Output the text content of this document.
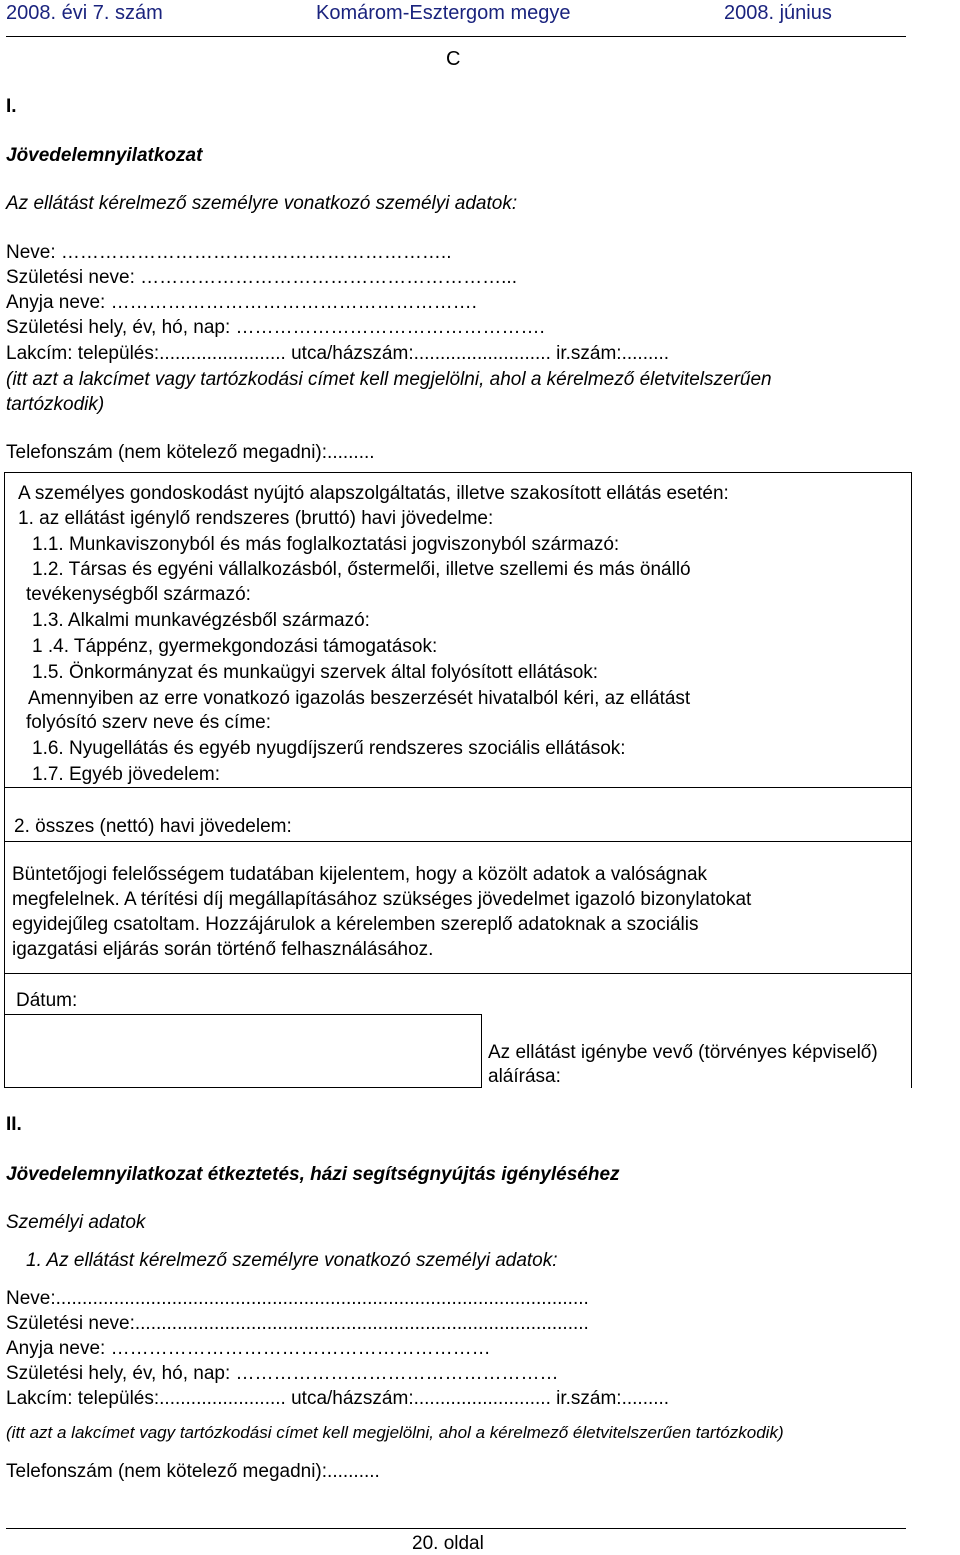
2008. évi 7. szám	Komárom-Esztergom megye	2008. június
C
I.
Jövedelemnyilatkozat
Az ellátást kérelmező személyre vonatkozó személyi adatok:
Neve: ……………………………………………………..
Születési neve: …………………………………………………...
Anyja neve: ………………………………………………….
Születési hely, év, hó, nap: ………………………………………….
Lakcím: település:........................ utca/házszám:.......................... ir.szám:.........
(itt azt a lakcímet vagy tartózkodási címet kell megjelölni, ahol a kérelmező életvitelszerűen
tartózkodik)
Telefonszám (nem kötelező megadni):.........
A személyes gondoskodást nyújtó alapszolgáltatás, illetve szakosított ellátás esetén:
1. az ellátást igénylő rendszeres (bruttó) havi jövedelme:
1.1. Munkaviszonyból és más foglalkoztatási jogviszonyból származó:
1.2. Társas és egyéni vállalkozásból, őstermelői, illetve szellemi és más önálló
tevékenységből származó:
1.3. Alkalmi munkavégzésből származó:
1 .4. Táppénz, gyermekgondozási támogatások:
1.5. Önkormányzat és munkaügyi szervek által folyósított ellátások:
Amennyiben az erre vonatkozó igazolás beszerzését hivatalból kéri, az ellátást
folyósító szerv neve és címe:
1.6. Nyugellátás és egyéb nyugdíjszerű rendszeres szociális ellátások:
1.7. Egyéb jövedelem:
2. összes (nettó) havi jövedelem:
Büntetőjogi felelősségem tudatában kijelentem, hogy a közölt adatok a valóságnak
megfelelnek. A térítési díj megállapításához szükséges jövedelmet igazoló bizonylatokat
egyidejűleg csatoltam. Hozzájárulok a kérelemben szereplő adatoknak a szociális
igazgatási eljárás során történő felhasználásához.
Dátum:
Az ellátást igénybe vevő (törvényes képviselő)
aláírása:
II.
Jövedelemnyilatkozat étkeztetés, házi segítségnyújtás igényléséhez
Személyi adatok
1. Az ellátást kérelmező személyre vonatkozó személyi adatok:
Neve:.....................................................................................................
Születési neve:......................................................................................
Anyja neve: ……………………………………………………
Születési hely, év, hó, nap: ……………………………………………
Lakcím: település:........................ utca/házszám:.......................... ir.szám:.........
(itt azt a lakcímet vagy tartózkodási címet kell megjelölni, ahol a kérelmező életvitelszerűen tartózkodik)
Telefonszám (nem kötelező megadni):..........
20. oldal
